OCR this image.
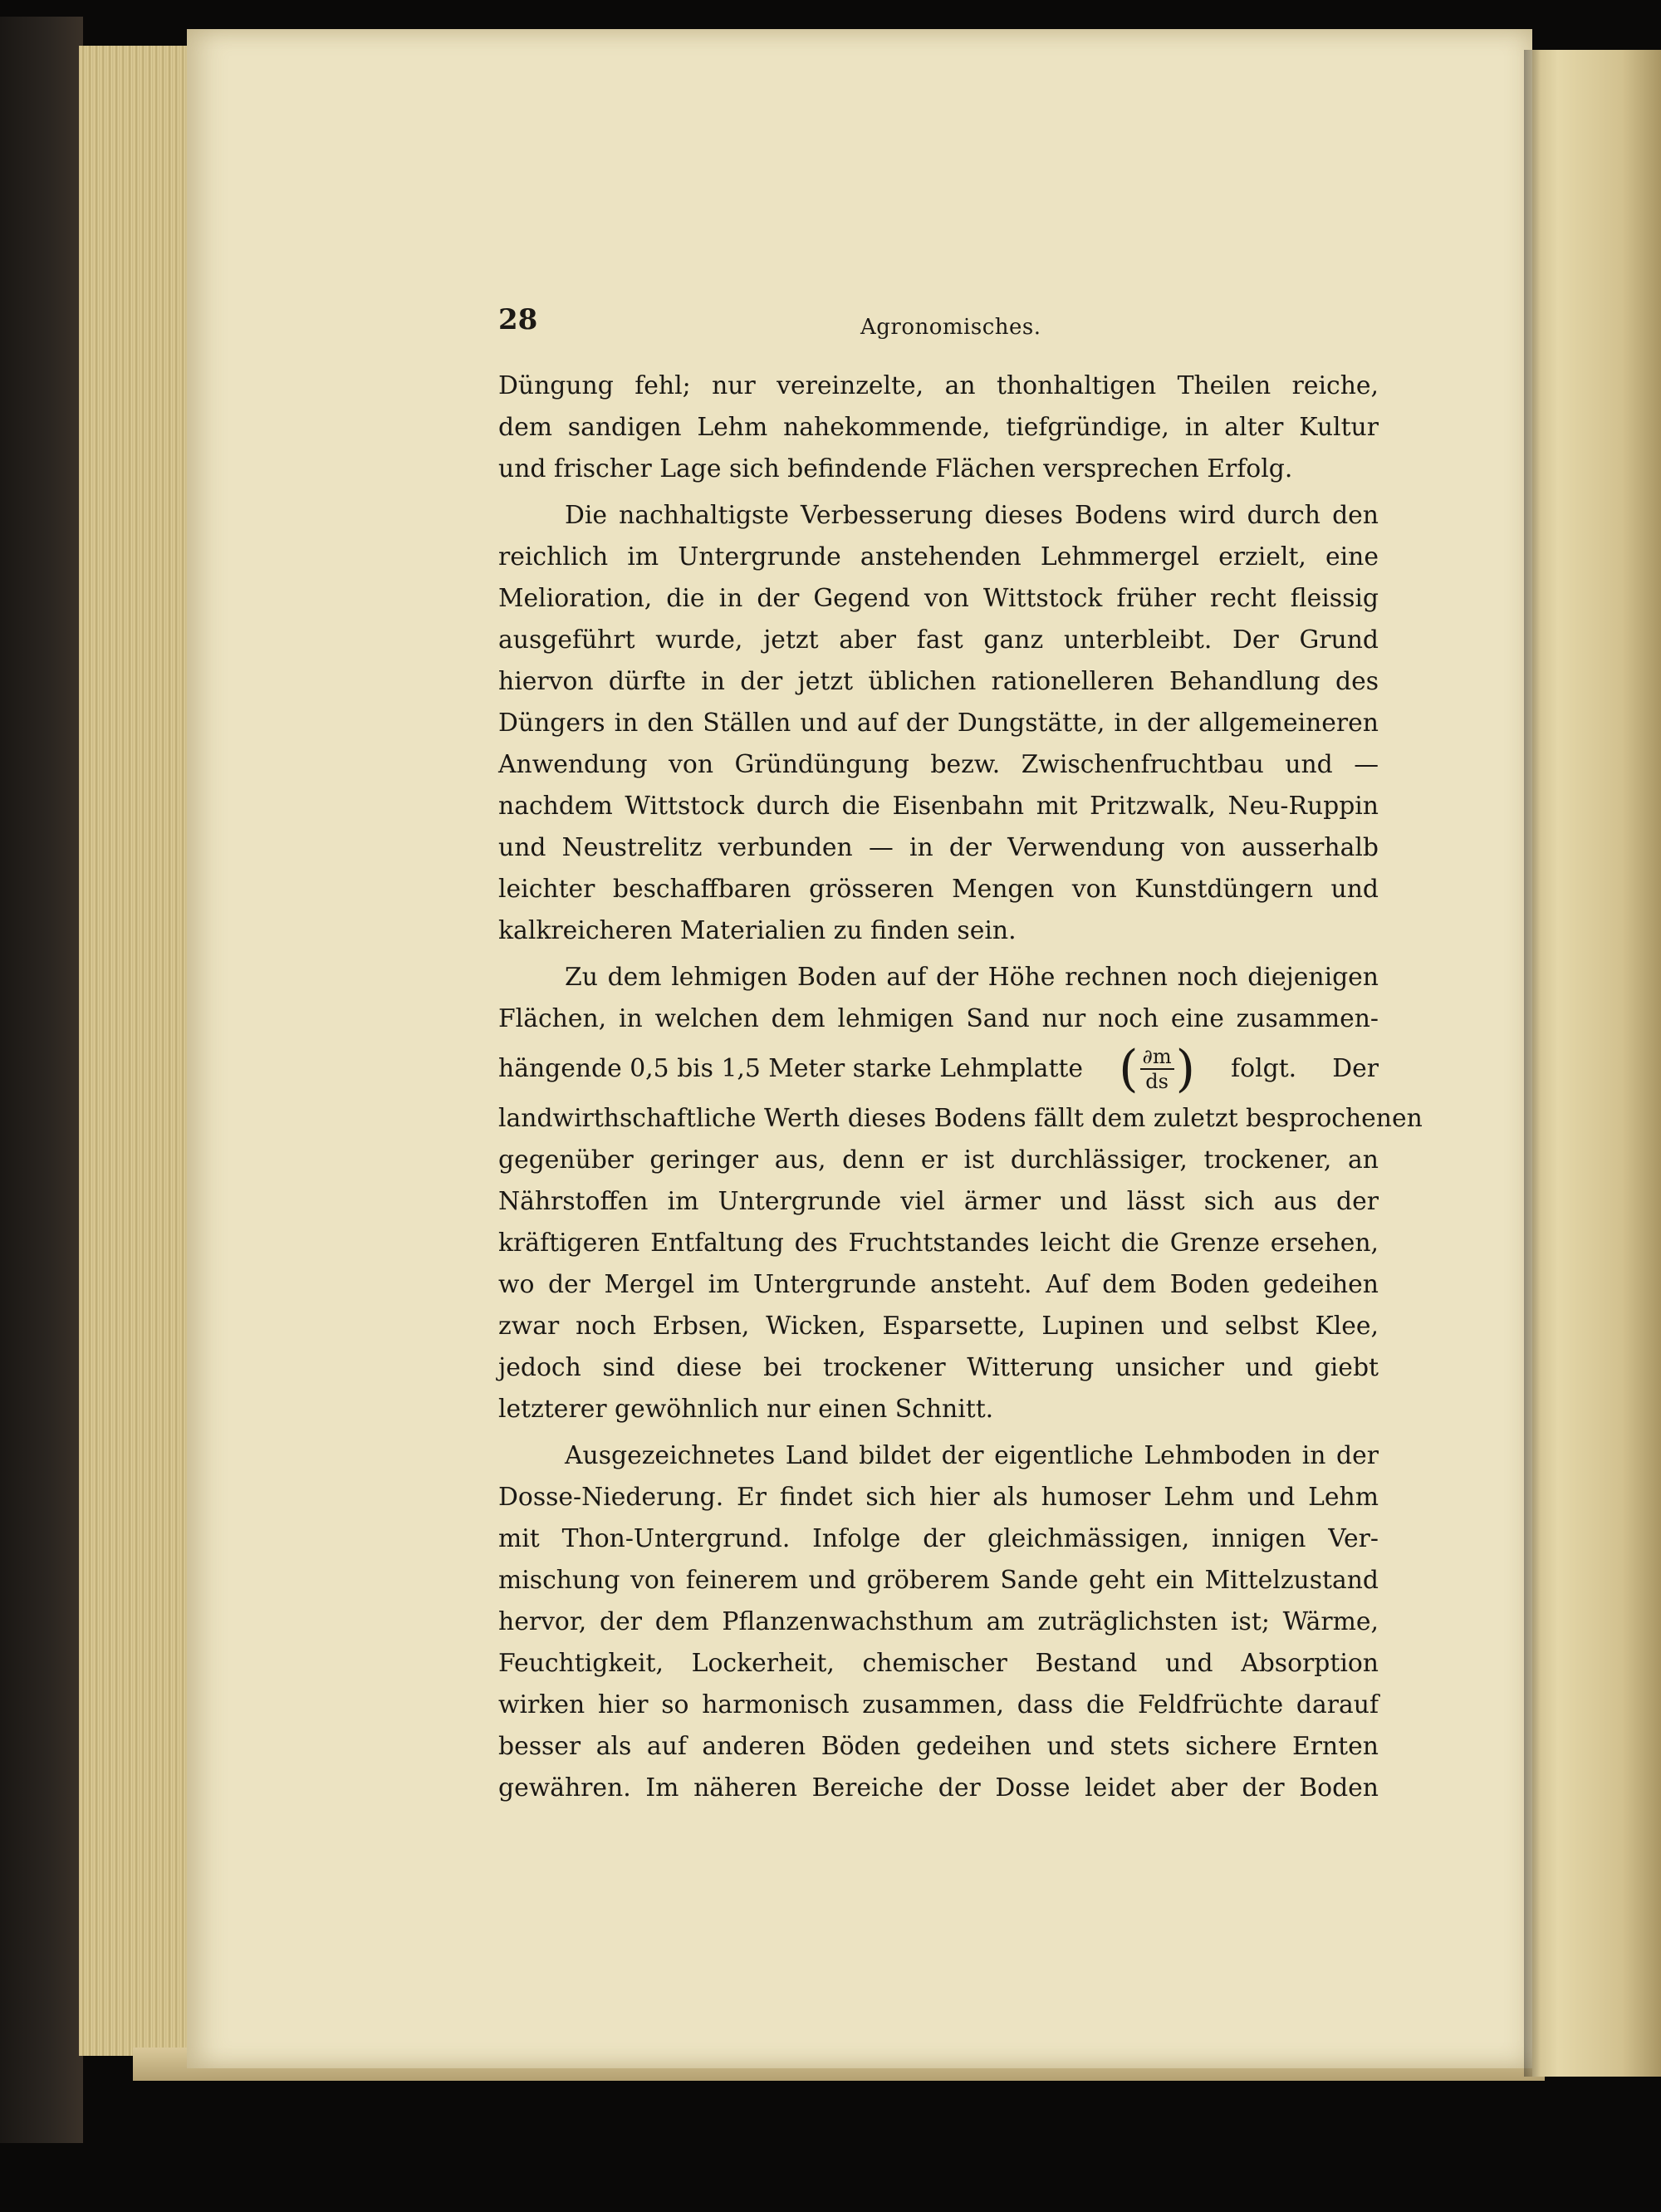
28	Agronomisches.
Düngung fehl; nur vereinzelte, an thonhaltigen Theilen reiche,
dem sandigen Lehm nahekommende, tiefgründige, in alter Kultur
und frischer Lage sich befindende Flächen versprechen Erfolg.
Die nachhaltigste Verbesserung dieses Bodens wird durch den
reichlich im Untergrunde anstehenden Lehmmergel erzielt, eine
Melioration, die in der Gegend von Wittstock früher recht fleissig
ausgeführt wurde, jetzt aber fast ganz unterbleibt. Der Grund
hiervon dürfte in der jetzt üblichen rationelleren Behandlung des
Düngers in den Ställen und auf der Dungstätte, in der allgemeineren
Anwendung von Gründüngung bezw. Zwischenfruchtbau und —
nachdem Wittstock durch die Eisenbahn mit Pritzwalk, Neu-Ruppin
und Neustrelitz verbunden — in der Verwendung von ausserhalb
leichter beschaffbaren grösseren Mengen von Kunstdüngern und
kalkreicheren Materialien zu finden sein.
Zu dem lehmigen Boden auf der Höhe rechnen noch diejenigen
Flächen, in welchen dem lehmigen Sand nur noch eine zusammen-
hängende 0,5 bis 1,5 Meter starke Lehmplatte ( $\frac{\partial m}{ds}$ ) folgt. Der
landwirthschaftliche Werth dieses Bodens fällt dem zuletzt besprochenen
gegenüber geringer aus, denn er ist durchlässiger, trockener, an
Nährstoffen im Untergrunde viel ärmer und lässt sich aus der
kräftigeren Entfaltung des Fruchtstandes leicht die Grenze ersehen,
wo der Mergel im Untergrunde ansteht. Auf dem Boden gedeihen
zwar noch Erbsen, Wicken, Esparsette, Lupinen und selbst Klee,
jedoch sind diese bei trockener Witterung unsicher und giebt
letzterer gewöhnlich nur einen Schnitt.
Ausgezeichnetes Land bildet der eigentliche Lehmboden in der
Dosse-Niederung. Er findet sich hier als humoser Lehm und Lehm
mit Thon-Untergrund. Infolge der gleichmässigen, innigen Ver-
mischung von feinerem und gröberem Sande geht ein Mittelzustand
hervor, der dem Pflanzenwachsthum am zuträglichsten ist; Wärme,
Feuchtigkeit, Lockerheit, chemischer Bestand und Absorption
wirken hier so harmonisch zusammen, dass die Feldfrüchte darauf
besser als auf anderen Böden gedeihen und stets sichere Ernten
gewähren. Im näheren Bereiche der Dosse leidet aber der Boden
